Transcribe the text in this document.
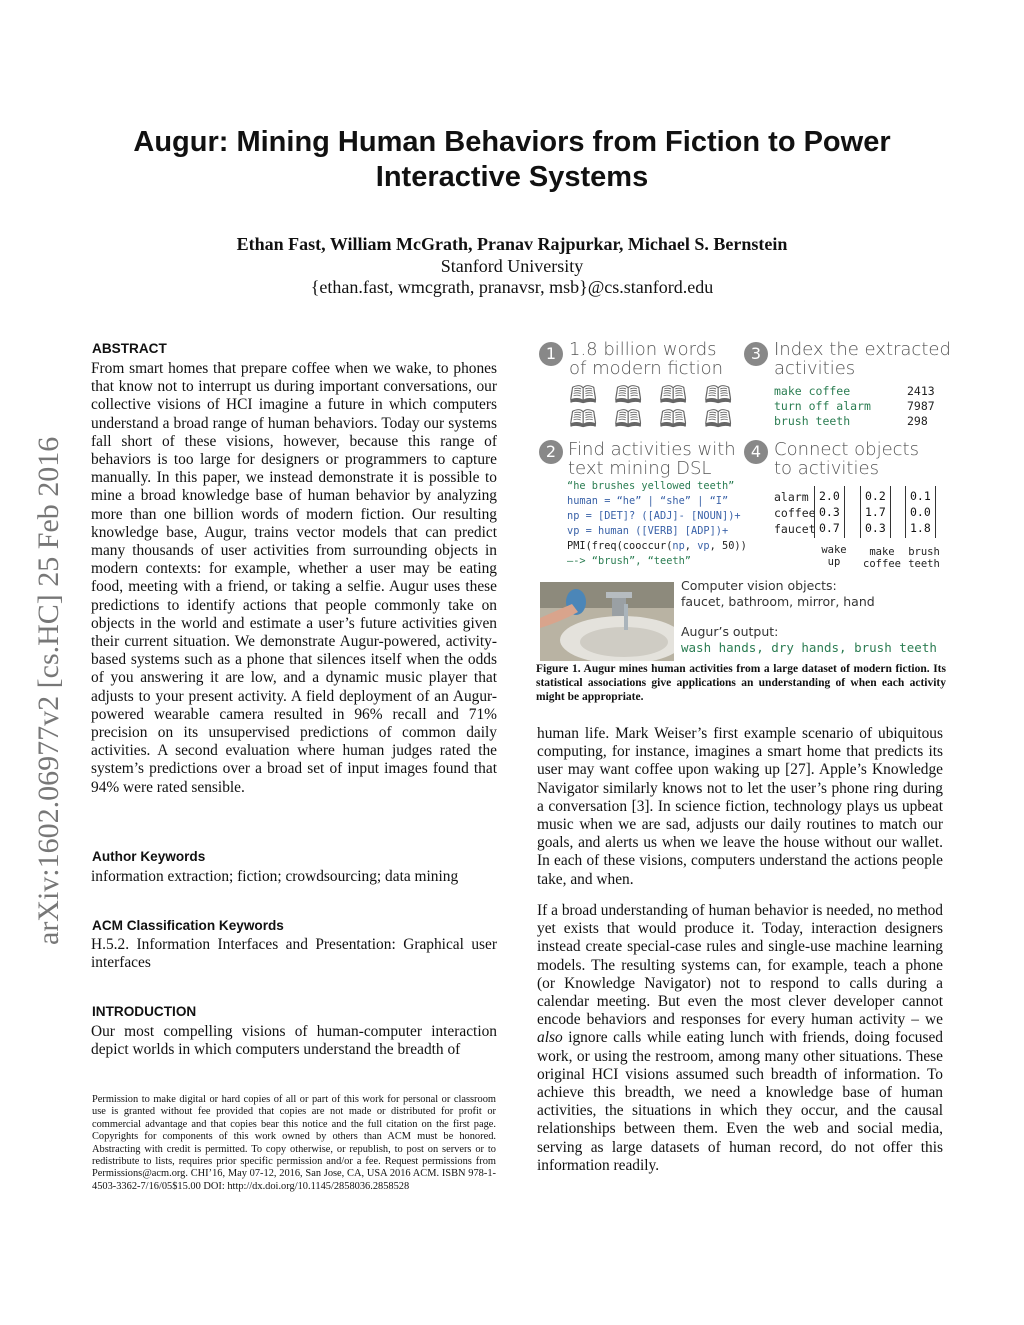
Augur: Mining Human Behaviors from Fiction to Power
Interactive Systems
Ethan Fast, William McGrath, Pranav Rajpurkar, Michael S. Bernstein
Stanford University
{ethan.fast, wmcgrath, pranavsr, msb}@cs.stanford.edu
arXiv:1602.06977v2 [cs.HC] 25 Feb 2016
ABSTRACT

From smart homes that prepare coffee when we wake, to phones that know not to interrupt us during important conversations, our collective visions of HCI imagine a future in which computers understand a broad range of human behaviors. Today our systems fall short of these visions, however, because this range of behaviors is too large for designers or programmers to capture manually. In this paper, we instead demonstrate it is possible to mine a broad knowledge base of human behavior by analyzing more than one billion words of modern fiction. Our resulting knowledge base, Augur, trains vector models that can predict many thousands of user activities from surrounding objects in modern contexts: for example, whether a user may be eating food, meeting with a friend, or taking a selfie. Augur uses these predictions to identify actions that people commonly take on objects in the world and estimate a user’s future activities given their current situation. We demonstrate Augur-powered, activity-based systems such as a phone that silences itself when the odds of you answering it are low, and a dynamic music player that adjusts to your present activity. A field deployment of an Augur-powered wearable camera resulted in 96% recall and 71% precision on its unsupervised predictions of common daily activities. A second evaluation where human judges rated the system’s predictions over a broad set of input images found that 94% were rated sensible.

Author Keywords
information extraction; fiction; crowdsourcing; data mining
ACM Classification Keywords
H.5.2. Information Interfaces and Presentation: Graphical user interfaces
INTRODUCTION
Our most compelling visions of human-computer interaction depict worlds in which computers understand the breadth of
Permission to make digital or hard copies of all or part of this work for personal or classroom use is granted without fee provided that copies are not made or distributed for profit or commercial advantage and that copies bear this notice and the full citation on the first page. Copyrights for components of this work owned by others than ACM must be honored. Abstracting with credit is permitted. To copy otherwise, or republish, to post on servers or to redistribute to lists, requires prior specific permission and/or a fee. Request permissions from Permissions@acm.org. CHI’16, May 07-12, 2016, San Jose, CA, USA 2016 ACM. ISBN 978-1-4503-3362-7/16/05$15.00 DOI: http://dx.doi.org/10.1145/2858036.2858528
1 1.8 billion words
of modern fiction
🕮 🕮 🕮 🕮
🕮 🕮 🕮 🕮
3 Index the extracted
activities
make coffee
turn off alarm
brush teeth
2413
7987
298
2 Find activities with
text mining DSL
“he brushes yellowed teeth”
human = “he” | “she” | “I”
np = [DET]? ([ADJ]- [NOUN])+
vp = human ([VERB] [ADP])+
PMI(freq(cooccur(np, vp, 50))
–-> “brush”, “teeth”
4 Connect objects
to activities
alarm
coffee
faucet
2.0
0.3
0.7
0.2
1.7
0.3
0.1
0.0
1.8
wake
up
make
coffee
brush
teeth
Computer vision objects:
faucet, bathroom, mirror, hand
Augur’s output:
wash hands, dry hands, brush teeth
Figure 1. Augur mines human activities from a large dataset of modern fiction. Its statistical associations give applications an understanding of when each activity might be appropriate.
human life. Mark Weiser’s first example scenario of ubiquitous computing, for instance, imagines a smart home that predicts its user may want coffee upon waking up [27]. Apple’s Knowledge Navigator similarly knows not to let the user’s phone ring during a conversation [3]. In science fiction, technology plays us upbeat music when we are sad, adjusts our daily routines to match our goals, and alerts us when we leave the house without our wallet. In each of these visions, computers understand the actions people take, and when.
If a broad understanding of human behavior is needed, no method yet exists that would produce it. Today, interaction designers instead create special-case rules and single-use machine learning models. The resulting systems can, for example, teach a phone (or Knowledge Navigator) not to respond to calls during a calendar meeting. But even the most clever developer cannot encode behaviors and responses for every human activity – we also ignore calls while eating lunch with friends, doing focused work, or using the restroom, among many other situations. These original HCI visions assumed such breadth of information. To achieve this breadth, we need a knowledge base of human activities, the situations in which they occur, and the causal relationships between them. Even the web and social media, serving as large datasets of human record, do not offer this information readily.
